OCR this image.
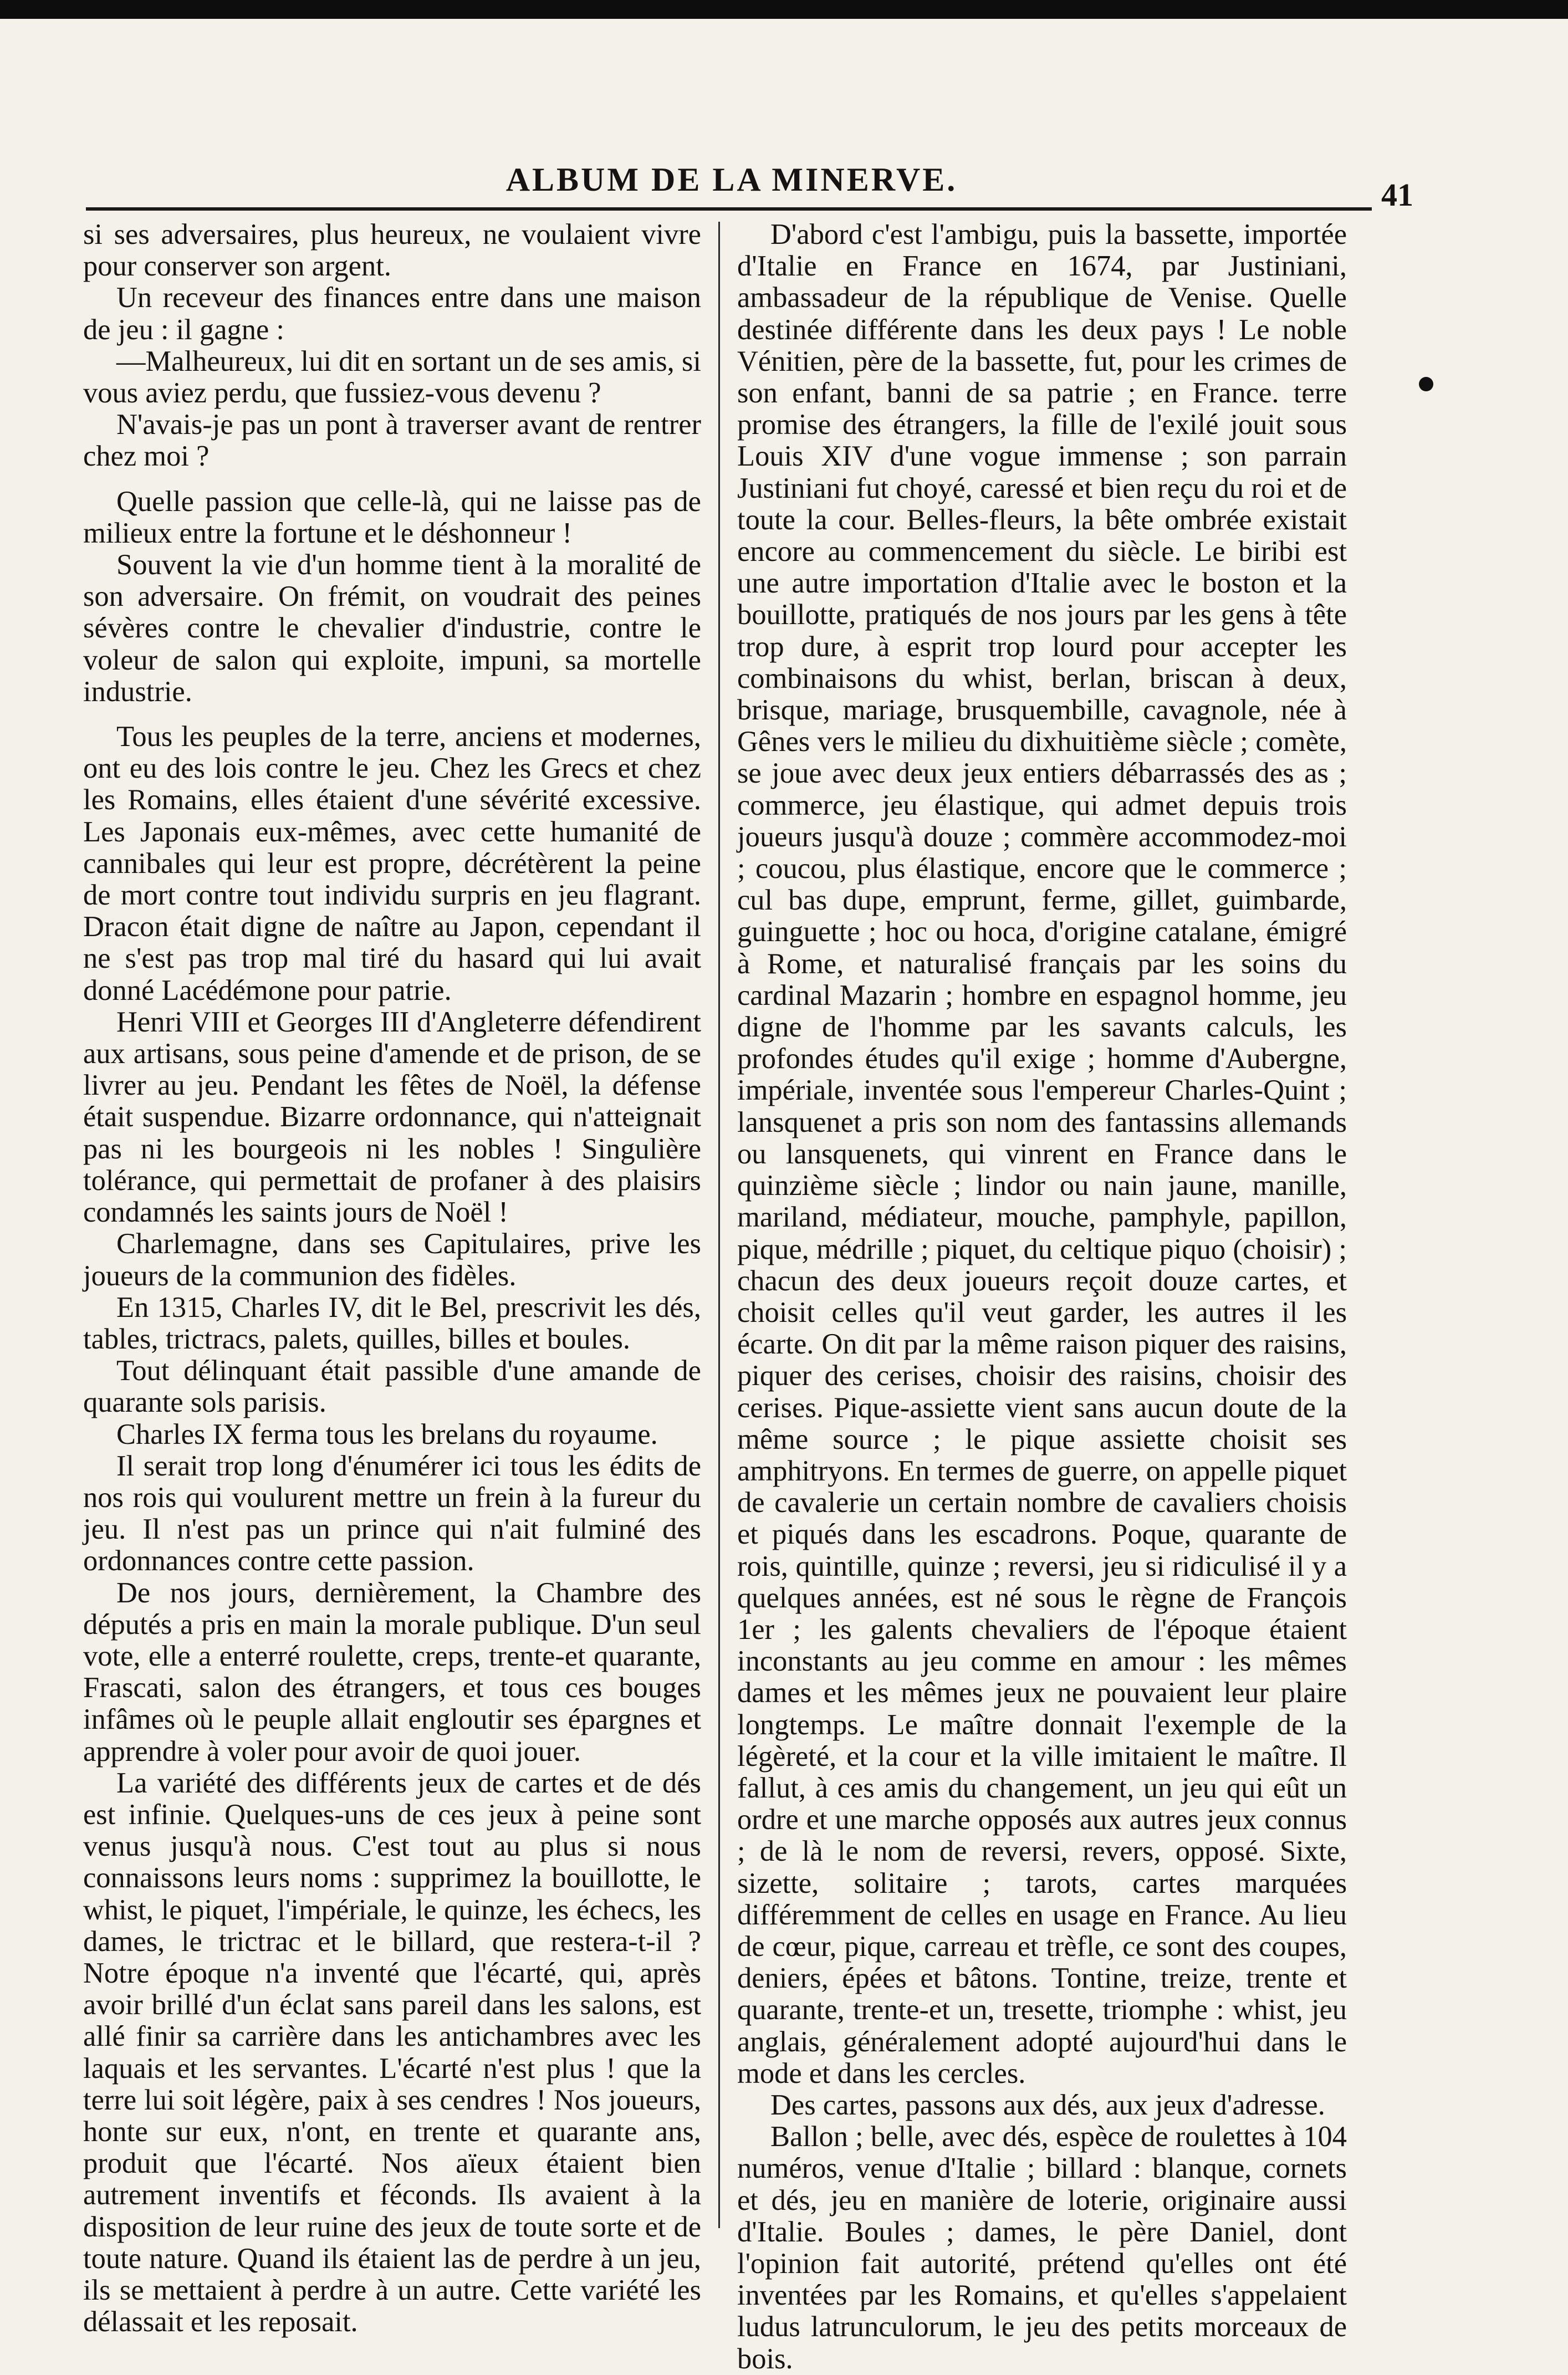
ALBUM DE LA MINERVE.	41

si ses adversaires, plus heureux, ne voulaient vivre pour conserver son argent.

Un receveur des finances entre dans une maison de jeu : il gagne :

—Malheureux, lui dit en sortant un de ses amis, si vous aviez perdu, que fussiez-vous devenu ?

N'avais-je pas un pont à traverser avant de rentrer chez moi ?

Quelle passion que celle-là, qui ne laisse pas de milieux entre la fortune et le déshonneur !

Souvent la vie d'un homme tient à la moralité de son adversaire. On frémit, on voudrait des peines sévères contre le chevalier d'industrie, contre le voleur de salon qui exploite, impuni, sa mortelle industrie.

Tous les peuples de la terre, anciens et modernes, ont eu des lois contre le jeu. Chez les Grecs et chez les Romains, elles étaient d'une sévérité excessive. Les Japonais eux-mêmes, avec cette humanité de cannibales qui leur est propre, décrétèrent la peine de mort contre tout individu surpris en jeu flagrant. Dracon était digne de naître au Japon, cependant il ne s'est pas trop mal tiré du hasard qui lui avait donné Lacédémone pour patrie.

Henri VIII et Georges III d'Angleterre défendirent aux artisans, sous peine d'amende et de prison, de se livrer au jeu. Pendant les fêtes de Noël, la défense était suspendue. Bizarre ordonnance, qui n'atteignait pas ni les bourgeois ni les nobles ! Singulière tolérance, qui permettait de profaner à des plaisirs condamnés les saints jours de Noël !

Charlemagne, dans ses Capitulaires, prive les joueurs de la communion des fidèles.

En 1315, Charles IV, dit le Bel, prescrivit les dés, tables, trictracs, palets, quilles, billes et boules.

Tout délinquant était passible d'une amande de quarante sols parisis.

Charles IX ferma tous les brelans du royaume.

Il serait trop long d'énumérer ici tous les édits de nos rois qui voulurent mettre un frein à la fureur du jeu. Il n'est pas un prince qui n'ait fulminé des ordonnances contre cette passion.

De nos jours, dernièrement, la Chambre des députés a pris en main la morale publique. D'un seul vote, elle a enterré roulette, creps, trente-et quarante, Frascati, salon des étrangers, et tous ces bouges infâmes où le peuple allait engloutir ses épargnes et apprendre à voler pour avoir de quoi jouer.

La variété des différents jeux de cartes et de dés est infinie. Quelques-uns de ces jeux à peine sont venus jusqu'à nous. C'est tout au plus si nous connaissons leurs noms : supprimez la bouillotte, le whist, le piquet, l'impériale, le quinze, les échecs, les dames, le trictrac et le billard, que restera-t-il ? Notre époque n'a inventé que l'écarté, qui, après avoir brillé d'un éclat sans pareil dans les salons, est allé finir sa carrière dans les antichambres avec les laquais et les servantes. L'écarté n'est plus ! que la terre lui soit légère, paix à ses cendres ! Nos joueurs, honte sur eux, n'ont, en trente et quarante ans, produit que l'écarté. Nos aïeux étaient bien autrement inventifs et féconds. Ils avaient à la disposition de leur ruine des jeux de toute sorte et de toute nature. Quand ils étaient las de perdre à un jeu, ils se mettaient à perdre à un autre. Cette variété les délassait et les reposait.

D'abord c'est l'ambigu, puis la bassette, importée d'Italie en France en 1674, par Justiniani, ambassadeur de la république de Venise. Quelle destinée différente dans les deux pays ! Le noble Vénitien, père de la bassette, fut, pour les crimes de son enfant, banni de sa patrie ; en France. terre promise des étrangers, la fille de l'exilé jouit sous Louis XIV d'une vogue immense ; son parrain Justiniani fut choyé, caressé et bien reçu du roi et de toute la cour. Belles-fleurs, la bête ombrée existait encore au commencement du siècle. Le biribi est une autre importation d'Italie avec le boston et la bouillotte, pratiqués de nos jours par les gens à tête trop dure, à esprit trop lourd pour accepter les combinaisons du whist, berlan, briscan à deux, brisque, mariage, brusquembille, cavagnole, née à Gênes vers le milieu du dixhuitième siècle ; comète, se joue avec deux jeux entiers débarrassés des as ; commerce, jeu élastique, qui admet depuis trois joueurs jusqu'à douze ; commère accommodez-moi ; coucou, plus élastique, encore que le commerce ; cul bas dupe, emprunt, ferme, gillet, guimbarde, guinguette ; hoc ou hoca, d'origine catalane, émigré à Rome, et naturalisé français par les soins du cardinal Mazarin ; hombre en espagnol homme, jeu digne de l'homme par les savants calculs, les profondes études qu'il exige ; homme d'Aubergne, impériale, inventée sous l'empereur Charles-Quint ; lansquenet a pris son nom des fantassins allemands ou lansquenets, qui vinrent en France dans le quinzième siècle ; lindor ou nain jaune, manille, mariland, médiateur, mouche, pamphyle, papillon, pique, médrille ; piquet, du celtique piquo (choisir) ; chacun des deux joueurs reçoit douze cartes, et choisit celles qu'il veut garder, les autres il les écarte. On dit par la même raison piquer des raisins, piquer des cerises, choisir des raisins, choisir des cerises. Pique-assiette vient sans aucun doute de la même source ; le pique assiette choisit ses amphitryons. En termes de guerre, on appelle piquet de cavalerie un certain nombre de cavaliers choisis et piqués dans les escadrons. Poque, quarante de rois, quintille, quinze ; reversi, jeu si ridiculisé il y a quelques années, est né sous le règne de François 1er ; les galents chevaliers de l'époque étaient inconstants au jeu comme en amour : les mêmes dames et les mêmes jeux ne pouvaient leur plaire longtemps. Le maître donnait l'exemple de la légèreté, et la cour et la ville imitaient le maître. Il fallut, à ces amis du changement, un jeu qui eût un ordre et une marche opposés aux autres jeux connus ; de là le nom de reversi, revers, opposé. Sixte, sizette, solitaire ; tarots, cartes marquées différemment de celles en usage en France. Au lieu de cœur, pique, carreau et trèfle, ce sont des coupes, deniers, épées et bâtons. Tontine, treize, trente et quarante, trente-et un, tresette, triomphe : whist, jeu anglais, généralement adopté aujourd'hui dans le mode et dans les cercles.

Des cartes, passons aux dés, aux jeux d'adresse.

Ballon ; belle, avec dés, espèce de roulettes à 104 numéros, venue d'Italie ; billard : blanque, cornets et dés, jeu en manière de loterie, originaire aussi d'Italie. Boules ; dames, le père Daniel, dont l'opinion fait autorité, prétend qu'elles ont été inventées par les Romains, et qu'elles s'appelaient ludus latrunculorum, le jeu des petits morceaux de bois.
